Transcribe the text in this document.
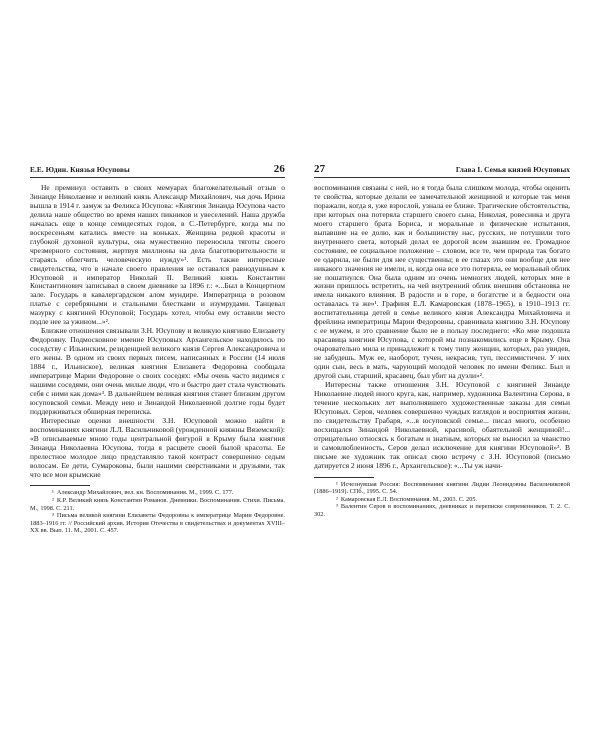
Е.Е. Юдин. Князья Юсуповы	26

Не преминул оставить в своих мемуарах благожелательный отзыв о Зинаиде Николаевне и великий князь Александр Михайлович, чья дочь Ирина вышла в 1914 г. замуж за Феликса Юсупова: «Княгиня Зинаида Юсупова часто делила наше общество во время наших пикников и увеселений. Наша дружба началась еще в конце семидесятых годов, в С.-Петербурге, когда мы по воскресеньям катались вместе на коньках. Женщина редкой красоты и глубокой духовной культуры, она мужественно переносила тяготы своего чрезмерного состояния, жертвуя миллионы на дела благотворительности и стараясь облегчить человеческую нужду»¹. Есть также интересные свидетельства, что в начале своего правления не оставался равнодушным к Юсуповой и император Николай II. Великий князь Константин Константинович записывал в своем дневнике за 1896 г.: «...Был в Концертном зале. Государь в кавалергардском алом мундире. Императрица в розовом платье с серебряными и стальными блестками и изумрудами. Танцевал мазурку с княгиней Юсуповой; Государь хотел, чтобы ему оставили место подле нее за ужином...»².

Близкие отношения связывали З.Н. Юсупову и великую княгиню Елизавету Федоровну. Подмосковное имение Юсуповых Архангельское находилось по соседству с Ильинским, резиденцией великого князя Сергея Александровича и его жены. В одном из своих первых писем, написанных в России (14 июля 1884 г., Ильинское), великая княгиня Елизавета Федоровна сообщала императрице Марии Федоровне о своих соседях: «Мы очень часто видимся с нашими соседями, они очень милые люди, что и быстро дает стала чувствовать себя с ними как дома»³. В дальнейшем великая княгиня станет близким другом юсуповской семьи. Между нею и Зинаидой Николаевной долгие годы будет поддерживаться обширная переписка.

Интересные оценки внешности З.Н. Юсуповой можно найти в воспоминаниях княгини Л.Л. Васильчиковой (урожденной княжны Вяземской): «В описываемые мною годы центральной фигурой в Крыму была княгиня Зинаида Николаевна Юсупова, тогда я расцвете своей былой красоты. Ее прелестное молодое лицо представляло такой контраст совершенно седым волосам. Ее дети, Сумароковы, были нашими сверстниками и друзьями, так что все мои крымские

¹ Александр Михайлович, вел. кн. Воспоминания. М., 1999. С. 177.

² К.Р. Великий князь Константин Романов. Дневники. Воспоминания. Стихи. Письма. М., 1998. С. 211.

³ Письма великой княгини Елизаветы Федоровны к императрице Марии Федоровне. 1883–1916 гг. // Российский архив. История Отечества в свидетельствах и документах XVIII–XX вв. Вып. 11. М., 2001. С. 457.

27	Глава I. Семья князей Юсуповых

воспоминания связаны с ней, но я тогда была слишком молода, чтобы оценить те свойства, которые делали ее замечательной женщиной и которые так меня поражали, когда я, уже взрослой, узнала ее ближе. Трагические обстоятельства, при которых она потеряла старшего своего сына, Николая, ровесника и друга моего старшего брата Бориса, и моральные и физические испытания, выпавшие на ее долю, как и большинству нас, русских, не потушили того внутреннего света, который делал ее дорогой всем знавшим ее. Громадное состояние, ее социальное положение – словом, все те, чем природа так богато ее одарила, не были для нее существенны; в ее глазах это они вообще для нее никакого значения не имели, и, когда она все это потеряла, ее моральный облик не пошатнулся. Она была одним из очень немногих людей, которых мне в жизни пришлось встретить, на чей внутренний облик внешняя обстановка не имела никакого влияния. В радости и в горе, в богатстве и в бедности она оставалась та же»¹. Графиня Е.Л. Камаровская (1878–1965), в 1910–1913 гг. воспитательница детей в семье великого князя Александра Михайловича и фрейлина императрицы Марии Федоровны, сравнивала княгиню З.Н. Юсупову с ее мужем, и это сравнение было не в пользу последнего: «Ко мне подошла красавица княгиня Юсупова, с которой мы познакомились еще в Крыму. Она очаровательно мила и принадлежит к тому типу женщин, которых, раз увидев, не забудешь. Муж ее, наоборот, тучен, некрасив, туп, пессимистичен. У них один сын, весь в мать, чарующий молодой человек по имени Феликс. Был и другой сын, старший, красавец, был убит на дуэли»².

Интересны также отношения З.Н. Юсуповой с княгиней Зинаиде Николаевне людей иного круга, как, например, художника Валентина Серова, в течение нескольких лет выполнявшего художественные заказы для семьи Юсуповых. Серов, человек совершенно чуждых взглядов и восприятия жизни, по свидетельству Грабаря, «...в юсуповской семье... писал много, особенно восхищался Зинаидой Николаевной, красивой, обаятельной женщиной!... отрицательно относясь к богатым и знатным, которых не выносил за чванство и самовлюбленность, Серов делал исключение для княгини Юсуповой»³. В письме же художник так описал свою встречу с З.Н. Юсуповой (письмо датируется 2 июня 1896 г., Архангельское): «...Ты уж начи-

¹ Исчезнувшая Россия: Воспоминания княгини Лидии Леонидовны Васильчиковой (1886–1919). СПб., 1995. С. 54.

² Камаровская Е.Л. Воспоминания. М., 2003. С. 205.

³ Валентин Серов в воспоминаниях, дневниках и переписке современников. Т. 2. С. 302.
